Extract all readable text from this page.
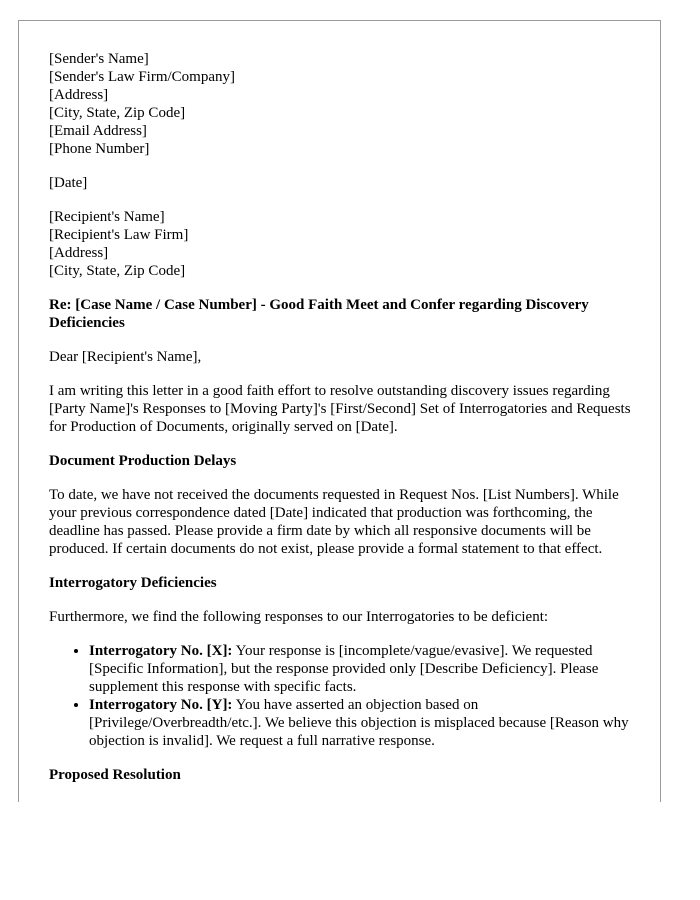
[Sender's Name]
[Sender's Law Firm/Company]
[Address]
[City, State, Zip Code]
[Email Address]
[Phone Number]
[Date]
[Recipient's Name]
[Recipient's Law Firm]
[Address]
[City, State, Zip Code]
Re: [Case Name / Case Number] - Good Faith Meet and Confer regarding Discovery Deficiencies
Dear [Recipient's Name],
I am writing this letter in a good faith effort to resolve outstanding discovery issues regarding [Party Name]'s Responses to [Moving Party]'s [First/Second] Set of Interrogatories and Requests for Production of Documents, originally served on [Date].
Document Production Delays
To date, we have not received the documents requested in Request Nos. [List Numbers]. While your previous correspondence dated [Date] indicated that production was forthcoming, the deadline has passed. Please provide a firm date by which all responsive documents will be produced. If certain documents do not exist, please provide a formal statement to that effect.
Interrogatory Deficiencies
Furthermore, we find the following responses to our Interrogatories to be deficient:
• Interrogatory No. [X]: Your response is [incomplete/vague/evasive]. We requested [Specific Information], but the response provided only [Describe Deficiency]. Please supplement this response with specific facts.
• Interrogatory No. [Y]: You have asserted an objection based on [Privilege/Overbreadth/etc.]. We believe this objection is misplaced because [Reason why objection is invalid]. We request a full narrative response.
Proposed Resolution
